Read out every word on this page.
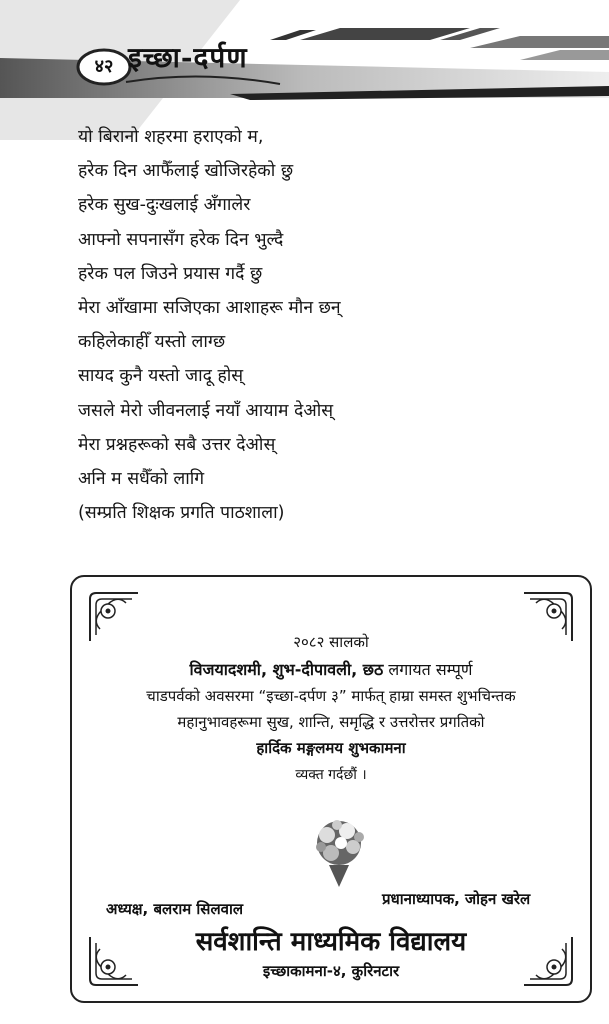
४२ इच्छा-दर्पण
यो बिरानो शहरमा हराएको म,
हरेक दिन आफैँलाई खोजिरहेको छु
हरेक सुख-दुःखलाई अँगालेर
आफ्नो सपनासँग हरेक दिन भुल्दै
हरेक पल जिउने प्रयास गर्दै छु
मेरा आँखामा सजिएका आशाहरू मौन छन्
कहिलेकाहीँ यस्तो लाग्छ
सायद कुनै यस्तो जादू होस्
जसले मेरो जीवनलाई नयाँ आयाम देओस्
मेरा प्रश्नहरूको सबै उत्तर देओस्
अनि म सधैँको लागि
(सम्प्रति शिक्षक प्रगति पाठशाला)
२०८२ सालको
विजयादशमी, शुभ-दीपावली, छठ लगायत सम्पूर्ण
चाडपर्वको अवसरमा “इच्छा-दर्पण ३” मार्फत् हाम्रा समस्त शुभचिन्तक
महानुभावहरूमा सुख, शान्ति, समृद्धि र उत्तरोत्तर प्रगतिको
हार्दिक मङ्गलमय शुभकामना
व्यक्त गर्दछौं ।
अध्यक्ष, बलराम सिलवाल
प्रधानाध्यापक, जोहन खरेल
सर्वशान्ति माध्यमिक विद्यालय
इच्छाकामना-४, कुरिनटार
